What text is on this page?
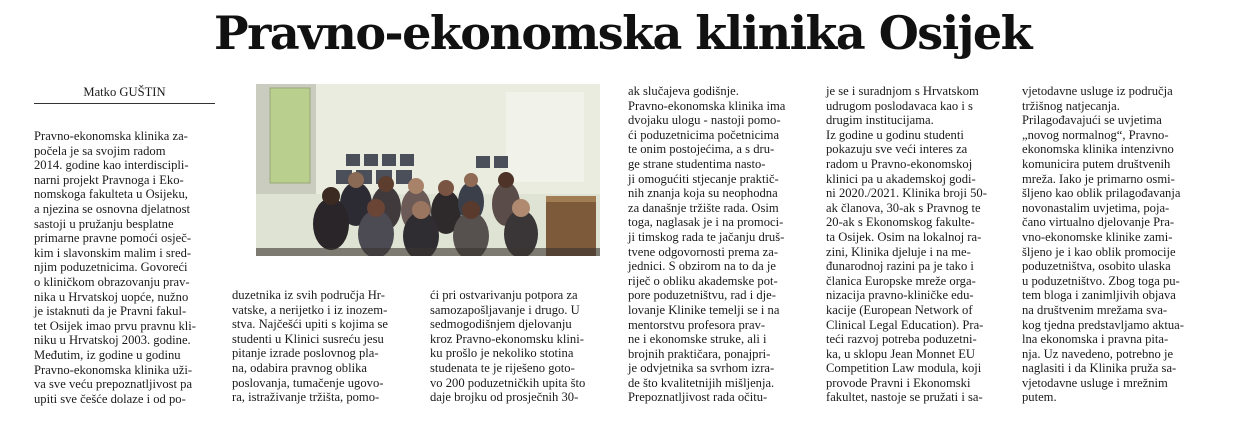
Pravno-ekonomska klinika Osijek
Matko GUŠTIN
Pravno-ekonomska klinika za-
počela je sa svojim radom
2014. godine kao interdiscipli-
narni projekt Pravnoga i Eko-
nomskoga fakulteta u Osijeku,
a njezina se osnovna djelatnost
sastoji u pružanju besplatne
primarne pravne pomoći osječ-
kim i slavonskim malim i sred-
njim poduzetnicima. Govoreći
o kliničkom obrazovanju prav-
nika u Hrvatskoj uopće, nužno
je istaknuti da je Pravni fakul-
tet Osijek imao prvu pravnu kli-
niku u Hrvatskoj 2003. godine.
Međutim, iz godine u godinu
Pravno-ekonomska klinika uži-
va sve veću prepoznatljivost pa
upiti sve češće dolaze i od po-
duzetnika iz svih područja Hr-
vatske, a nerijetko i iz inozem-
stva. Najčešći upiti s kojima se
studenti u Klinici susreću jesu
pitanje izrade poslovnog pla-
na, odabira pravnog oblika
poslovanja, tumačenje ugovo-
ra, istraživanje tržišta, pomo-
ći pri ostvarivanju potpora za
samozapošljavanje i drugo. U
sedmogodišnjem djelovanju
kroz Pravno-ekonomsku klini-
ku prošlo je nekoliko stotina
studenata te je riješeno goto-
vo 200 poduzetničkih upita što
daje brojku od prosječnih 30-
ak slučajeva godišnje.
Pravno-ekonomska klinika ima
dvojaku ulogu - nastoji pomo-
ći poduzetnicima početnicima
te onim postojećima, a s dru-
ge strane studentima nasto-
ji omogućiti stjecanje praktič-
nih znanja koja su neophodna
za današnje tržište rada. Osim
toga, naglasak je i na promoci-
ji timskog rada te jačanju druš-
tvene odgovornosti prema za-
jednici. S obzirom na to da je
riječ o obliku akademske pot-
pore poduzetništvu, rad i dje-
lovanje Klinike temelji se i na
mentorstvu profesora prav-
ne i ekonomske struke, ali i
brojnih praktičara, ponajpri-
je odvjetnika sa svrhom izra-
de što kvalitetnijih mišljenja.
Prepoznatljivost rada očitu-
je se i suradnjom s Hrvatskom
udrugom poslodavaca kao i s
drugim institucijama.
Iz godine u godinu studenti
pokazuju sve veći interes za
radom u Pravno-ekonomskoj
klinici pa u akademskoj godi-
ni 2020./2021. Klinika broji 50-
ak članova, 30-ak s Pravnog te
20-ak s Ekonomskog fakulte-
ta Osijek. Osim na lokalnoj ra-
zini, Klinika djeluje i na me-
đunarodnoj razini pa je tako i
članica Europske mreže orga-
nizacija pravno-kliničke edu-
kacije (European Network of
Clinical Legal Education). Pra-
teći razvoj potreba poduzetni-
ka, u sklopu Jean Monnet EU
Competition Law modula, koji
provode Pravni i Ekonomski
fakultet, nastoje se pružati i sa-
vjetodavne usluge iz područja
tržišnog natjecanja.
Prilagođavajući se uvjetima
„novog normalnog“, Pravno-
ekonomska klinika intenzivno
komunicira putem društvenih
mreža. Iako je primarno osmi-
šljeno kao oblik prilagođavanja
novonastalim uvjetima, poja-
čano virtualno djelovanje Pra-
vno-ekonomske klinike zami-
šljeno je i kao oblik promocije
poduzetništva, osobito ulaska
u poduzetništvo. Zbog toga pu-
tem bloga i zanimljivih objava
na društvenim mrežama sva-
kog tjedna predstavljamo aktua-
lna ekonomska i pravna pita-
nja. Uz navedeno, potrebno je
naglasiti i da Klinika pruža sa-
vjetodavne usluge i mrežnim
putem.
